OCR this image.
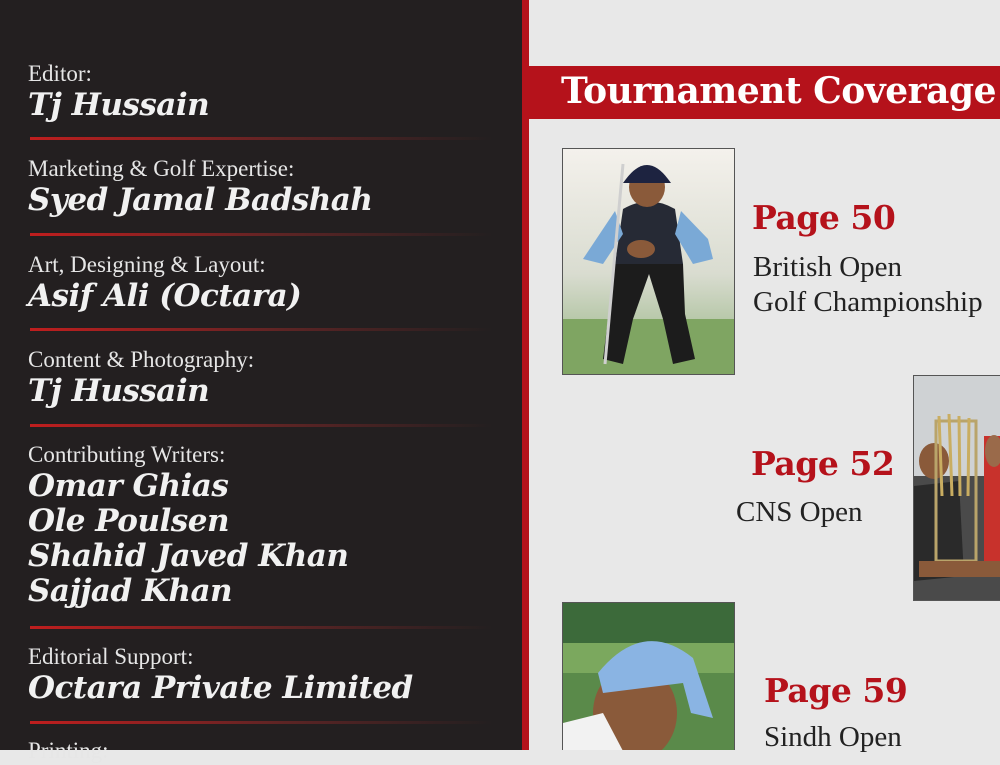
Editor:
Tj Hussain
Marketing & Golf Expertise:
Syed Jamal Badshah
Art, Designing & Layout:
Asif Ali (Octara)
Content & Photography:
Tj Hussain
Contributing Writers:
Omar Ghias
Ole Poulsen
Shahid Javed Khan
Sajjad Khan
Editorial Support:
Octara Private Limited
Printing:
Tournament Coverage
Page 50
British Open
Golf Championship
Page 52
CNS Open
Page 59
Sindh Open
